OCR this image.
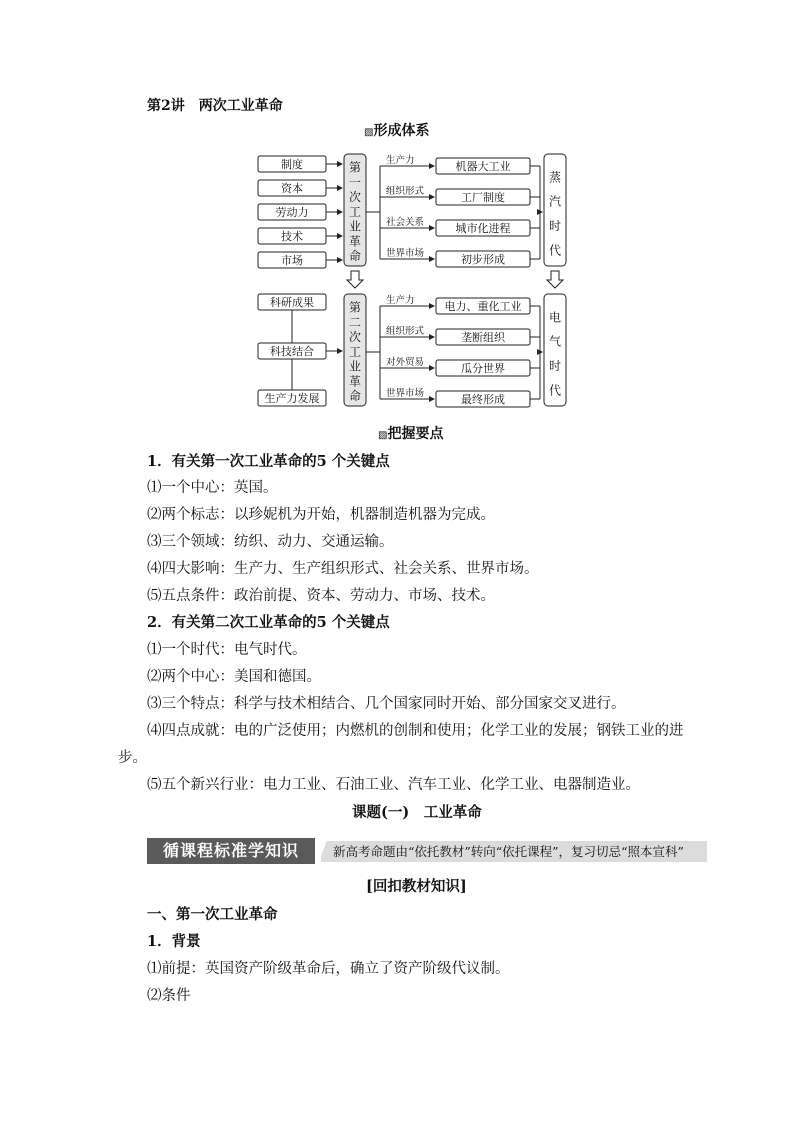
第2讲　两次工业革命
▧形成体系
制度
资本
劳动力
技术
市场
第
一
次
工
业
革
命
第
二
次
工
业
革
命
科研成果
科技结合
生产力发展
生产力	机器大工业
组织形式	工厂制度
社会关系	城市化进程
世界市场	初步形成
生产力	电力、重化工业
组织形式	垄断组织
对外贸易	瓜分世界
世界市场	最终形成
蒸
汽
时
代
电
气
时
代
▧把握要点
1．有关第一次工业革命的5 个关键点
⑴一个中心：英国。
⑵两个标志：以珍妮机为开始，机器制造机器为完成。
⑶三个领域：纺织、动力、交通运输。
⑷四大影响：生产力、生产组织形式、社会关系、世界市场。
⑸五点条件：政治前提、资本、劳动力、市场、技术。
2．有关第二次工业革命的5 个关键点
⑴一个时代：电气时代。
⑵两个中心：美国和德国。
⑶三个特点：科学与技术相结合、几个国家同时开始、部分国家交叉进行。
⑷四点成就：电的广泛使用；内燃机的创制和使用；化学工业的发展；钢铁工业的进
步。
⑸五个新兴行业：电力工业、石油工业、汽车工业、化学工业、电器制造业。
课题(一)　工业革命
新高考命题由“依托教材”转向“依托课程”，复习切忌“照本宣科”
循课程标准学知识
[回扣教材知识]
一、第一次工业革命
1．背景
⑴前提：英国资产阶级革命后，确立了资产阶级代议制。
⑵条件
